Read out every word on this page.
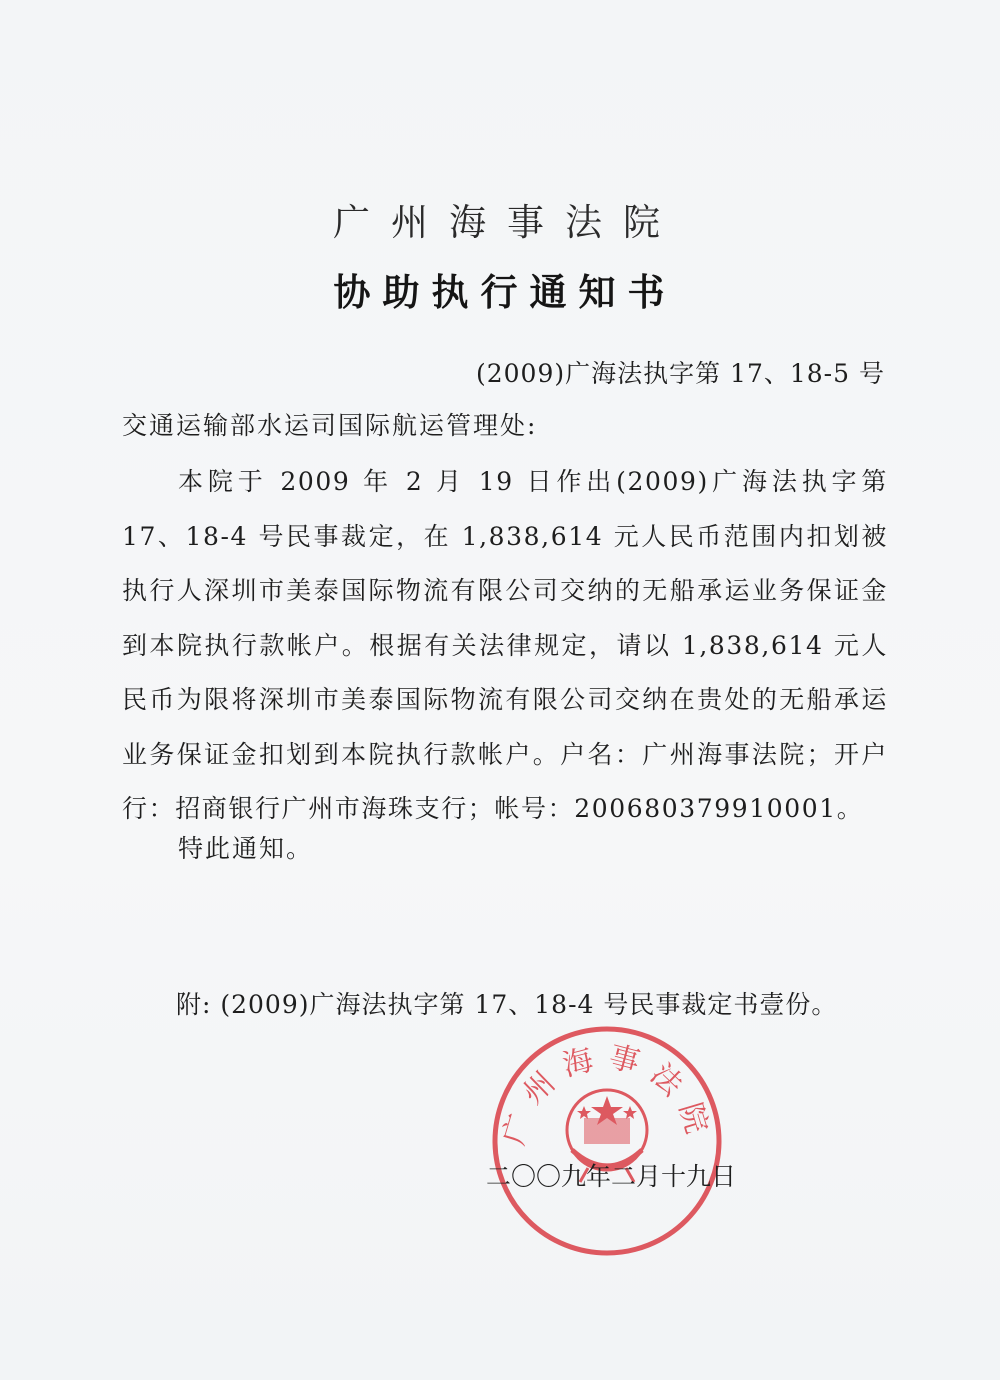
广州海事法院
协助执行通知书
(2009)广海法执字第 17、18-5 号
交通运输部水运司国际航运管理处:

本院于 2009 年 2 月 19 日作出(2009)广海法执字第 17、18-4 号民事裁定，在 1,838,614 元人民币范围内扣划被执行人深圳市美泰国际物流有限公司交纳的无船承运业务保证金到本院执行款帐户。根据有关法律规定，请以 1,838,614 元人民币为限将深圳市美泰国际物流有限公司交纳在贵处的无船承运业务保证金扣划到本院执行款帐户。户名：广州海事法院；开户行：招商银行广州市海珠支行；帐号：200680379910001。

特此通知。
附: (2009)广海法执字第 17、18-4 号民事裁定书壹份。
广州海事法院
二〇〇九年二月十九日
